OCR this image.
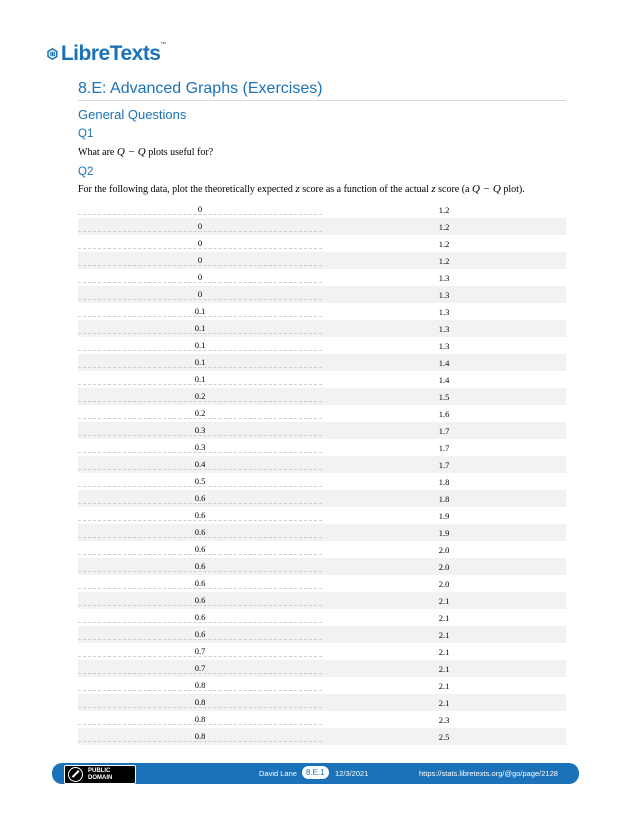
LibreTexts™
8.E: Advanced Graphs (Exercises)
General Questions
Q1

What are Q − Q plots useful for?

Q2

For the following data, plot the theoretically expected z score as a function of the actual z score (a Q − Q plot).

0	1.2
0	1.2
0	1.2
0	1.2
0	1.3
0	1.3
0.1	1.3
0.1	1.3
0.1	1.3
0.1	1.4
0.1	1.4
0.2	1.5
0.2	1.6
0.3	1.7
0.3	1.7
0.4	1.7
0.5	1.8
0.6	1.8
0.6	1.9
0.6	1.9
0.6	2.0
0.6	2.0
0.6	2.0
0.6	2.1
0.6	2.1
0.6	2.1
0.7	2.1
0.7	2.1
0.8	2.1
0.8	2.1
0.8	2.3
0.8	2.5
PUBLIC
DOMAIN	David Lane	8.E.1	12/3/2021	https://stats.libretexts.org/@go/page/2128
